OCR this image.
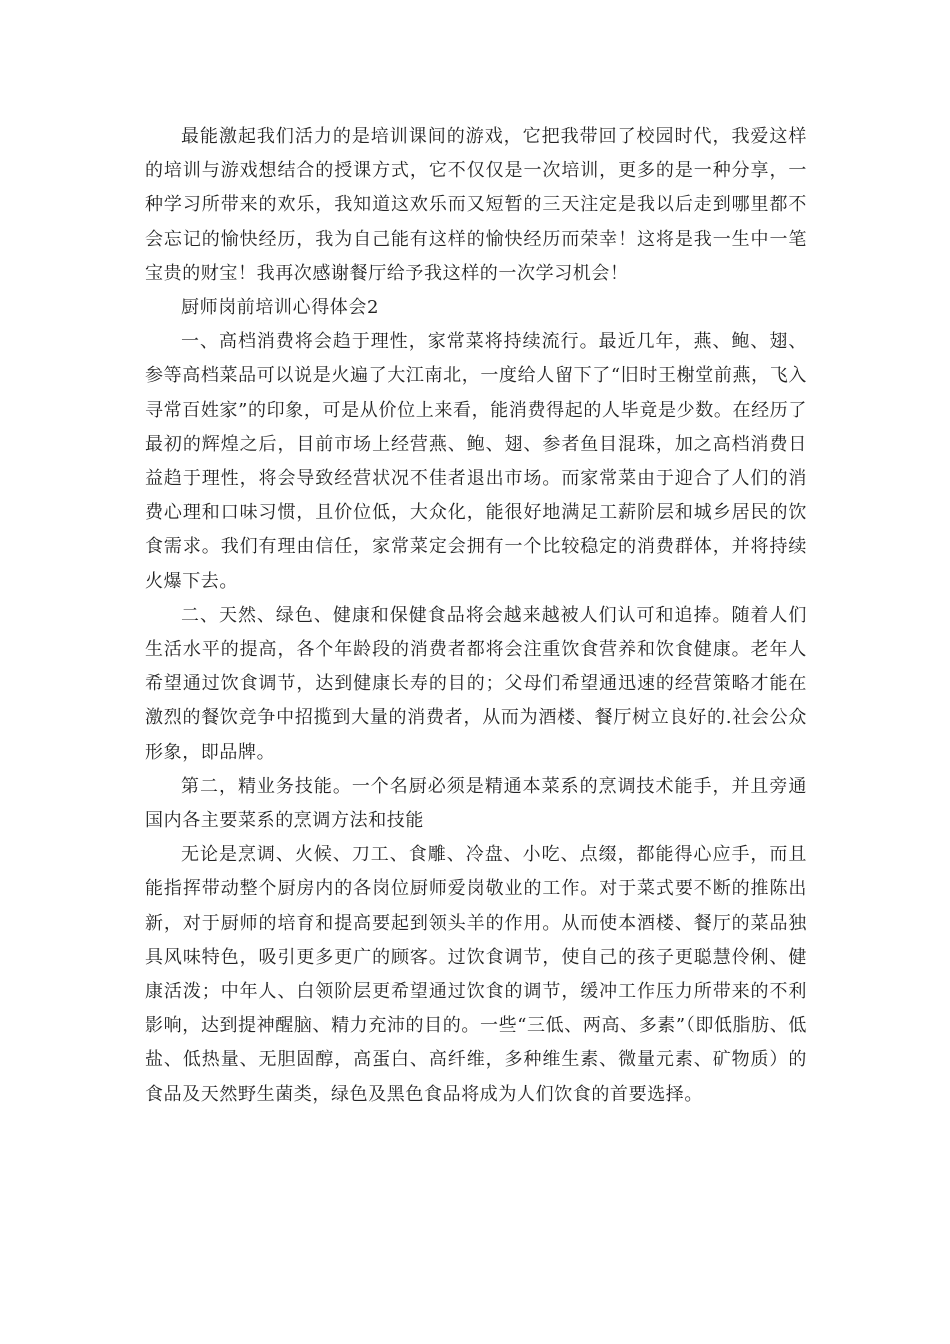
最能激起我们活力的是培训课间的游戏，它把我带回了校园时代，我爱这样的培训与游戏想结合的授课方式，它不仅仅是一次培训，更多的是一种分享，一种学习所带来的欢乐，我知道这欢乐而又短暂的三天注定是我以后走到哪里都不会忘记的愉快经历，我为自己能有这样的愉快经历而荣幸！这将是我一生中一笔宝贵的财宝！我再次感谢餐厅给予我这样的一次学习机会！

厨师岗前培训心得体会2

一、高档消费将会趋于理性，家常菜将持续流行。最近几年，燕、鲍、翅、参等高档菜品可以说是火遍了大江南北，一度给人留下了“旧时王榭堂前燕，飞入寻常百姓家”的印象，可是从价位上来看，能消费得起的人毕竟是少数。在经历了最初的辉煌之后，目前市场上经营燕、鲍、翅、参者鱼目混珠，加之高档消费日益趋于理性，将会导致经营状况不佳者退出市场。而家常菜由于迎合了人们的消费心理和口味习惯，且价位低，大众化，能很好地满足工薪阶层和城乡居民的饮食需求。我们有理由信任，家常菜定会拥有一个比较稳定的消费群体，并将持续火爆下去。

二、天然、绿色、健康和保健食品将会越来越被人们认可和追捧。随着人们生活水平的提高，各个年龄段的消费者都将会注重饮食营养和饮食健康。老年人希望通过饮食调节，达到健康长寿的目的；父母们希望通迅速的经营策略才能在激烈的餐饮竞争中招揽到大量的消费者，从而为酒楼、餐厅树立良好的.社会公众形象，即品牌。

第二，精业务技能。一个名厨必须是精通本菜系的烹调技术能手，并且旁通国内各主要菜系的烹调方法和技能

无论是烹调、火候、刀工、食雕、冷盘、小吃、点缀，都能得心应手，而且能指挥带动整个厨房内的各岗位厨师爱岗敬业的工作。对于菜式要不断的推陈出新，对于厨师的培育和提高要起到领头羊的作用。从而使本酒楼、餐厅的菜品独具风味特色，吸引更多更广的顾客。过饮食调节，使自己的孩子更聪慧伶俐、健康活泼；中年人、白领阶层更希望通过饮食的调节，缓冲工作压力所带来的不利影响，达到提神醒脑、精力充沛的目的。一些“三低、两高、多素”（即低脂肪、低盐、低热量、无胆固醇，高蛋白、高纤维，多种维生素、微量元素、矿物质）的食品及天然野生菌类，绿色及黑色食品将成为人们饮食的首要选择。
